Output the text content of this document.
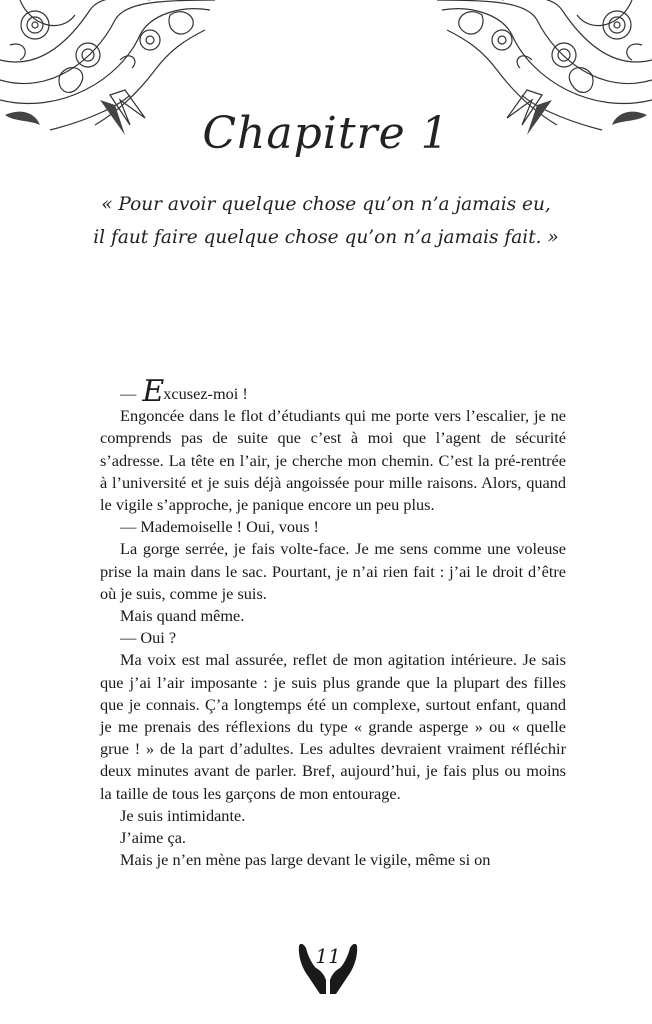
Chapitre 1
« Pour avoir quelque chose qu’on n’a jamais eu,
il faut faire quelque chose qu’on n’a jamais fait. »

— Excusez-moi !

Engoncée dans le flot d’étudiants qui me porte vers l’escalier, je ne comprends pas de suite que c’est à moi que l’agent de sécurité s’adresse. La tête en l’air, je cherche mon chemin. C’est la pré-rentrée à l’université et je suis déjà angoissée pour mille raisons. Alors, quand le vigile s’approche, je panique encore un peu plus.

— Mademoiselle ! Oui, vous !

La gorge serrée, je fais volte-face. Je me sens comme une voleuse prise la main dans le sac. Pourtant, je n’ai rien fait : j’ai le droit d’être où je suis, comme je suis.

Mais quand même.

— Oui ?

Ma voix est mal assurée, reflet de mon agitation intérieure. Je sais que j’ai l’air imposante : je suis plus grande que la plupart des filles que je connais. Ç’a longtemps été un complexe, surtout enfant, quand je me prenais des réflexions du type « grande asperge » ou « quelle grue ! » de la part d’adultes. Les adultes devraient vraiment réfléchir deux minutes avant de parler. Bref, aujourd’hui, je fais plus ou moins la taille de tous les garçons de mon entourage.

Je suis intimidante.

J’aime ça.

Mais je n’en mène pas large devant le vigile, même si on

11
